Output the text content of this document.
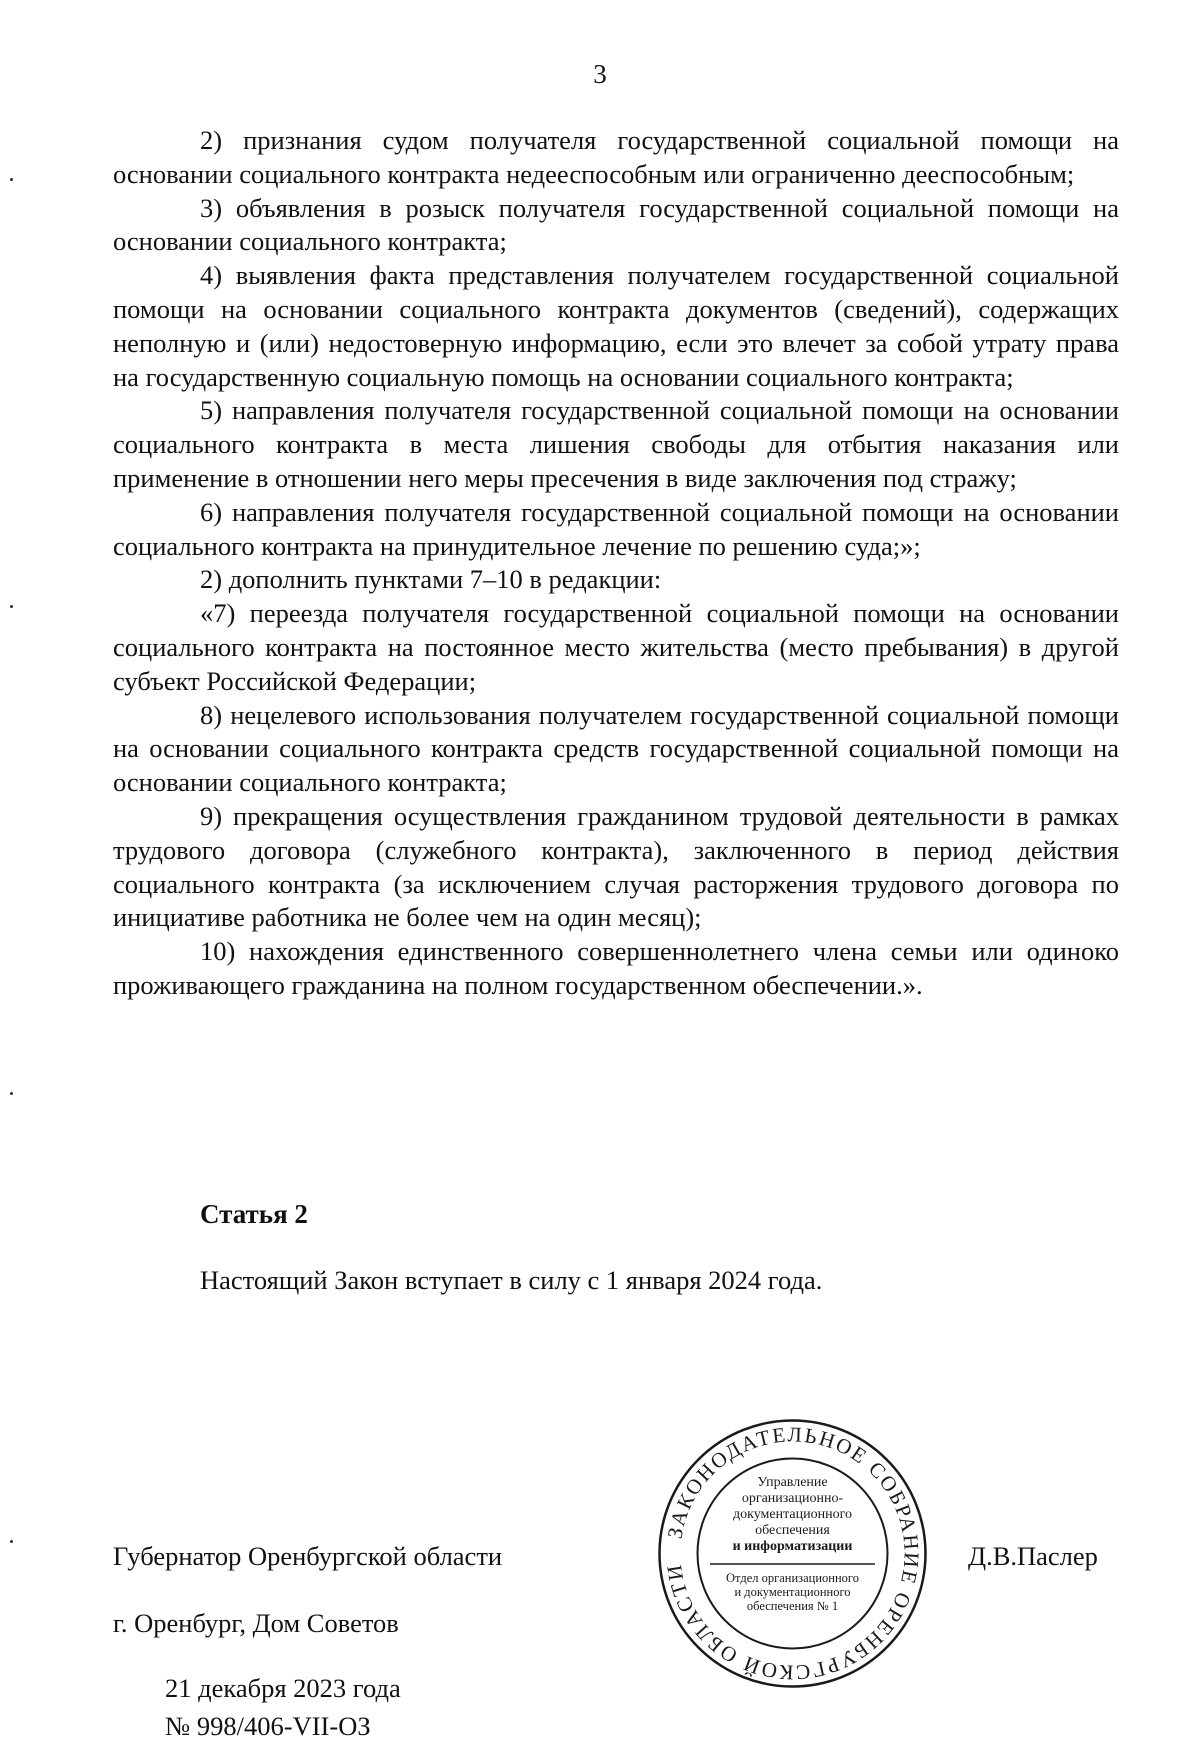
3

2) признания судом получателя государственной социальной помощи на основании социального контракта недееспособным или ограниченно дееспособным;

3) объявления в розыск получателя государственной социальной помощи на основании социального контракта;

4) выявления факта представления получателем государственной социальной помощи на основании социального контракта документов (сведений), содержащих неполную и (или) недостоверную информацию, если это влечет за собой утрату права на государственную социальную помощь на основании социального контракта;

5) направления получателя государственной социальной помощи на основании социального контракта в места лишения свободы для отбытия наказания или применение в отношении него меры пресечения в виде заключения под стражу;

6) направления получателя государственной социальной помощи на основании социального контракта на принудительное лечение по решению суда;»;

2) дополнить пунктами 7–10 в редакции:

«7) переезда получателя государственной социальной помощи на основании социального контракта на постоянное место жительства (место пребывания) в другой субъект Российской Федерации;

8) нецелевого использования получателем государственной социальной помощи на основании социального контракта средств государственной социальной помощи на основании социального контракта;

9) прекращения осуществления гражданином трудовой деятельности в рамках трудового договора (служебного контракта), заключенного в период действия социального контракта (за исключением случая расторжения трудового договора по инициативе работника не более чем на один месяц);

10) нахождения единственного совершеннолетнего члена семьи или одиноко проживающего гражданина на полном государственном обеспечении.».

Статья 2
Настоящий Закон вступает в силу с 1 января 2024 года.
Губернатор Оренбургской области	Д.В.Паслер
г. Оренбург, Дом Советов
21 декабря 2023 года
№ 998/406-VII-ОЗ
ЗАКОНОДАТЕЛЬНОЕ СОБРАНИЕ ОРЕНБУРГСКОЙ ОБЛАСТИ
Управление
организационно-
документационного
обеспечения
и информатизации
Отдел организационного
и документационного
обеспечения № 1
